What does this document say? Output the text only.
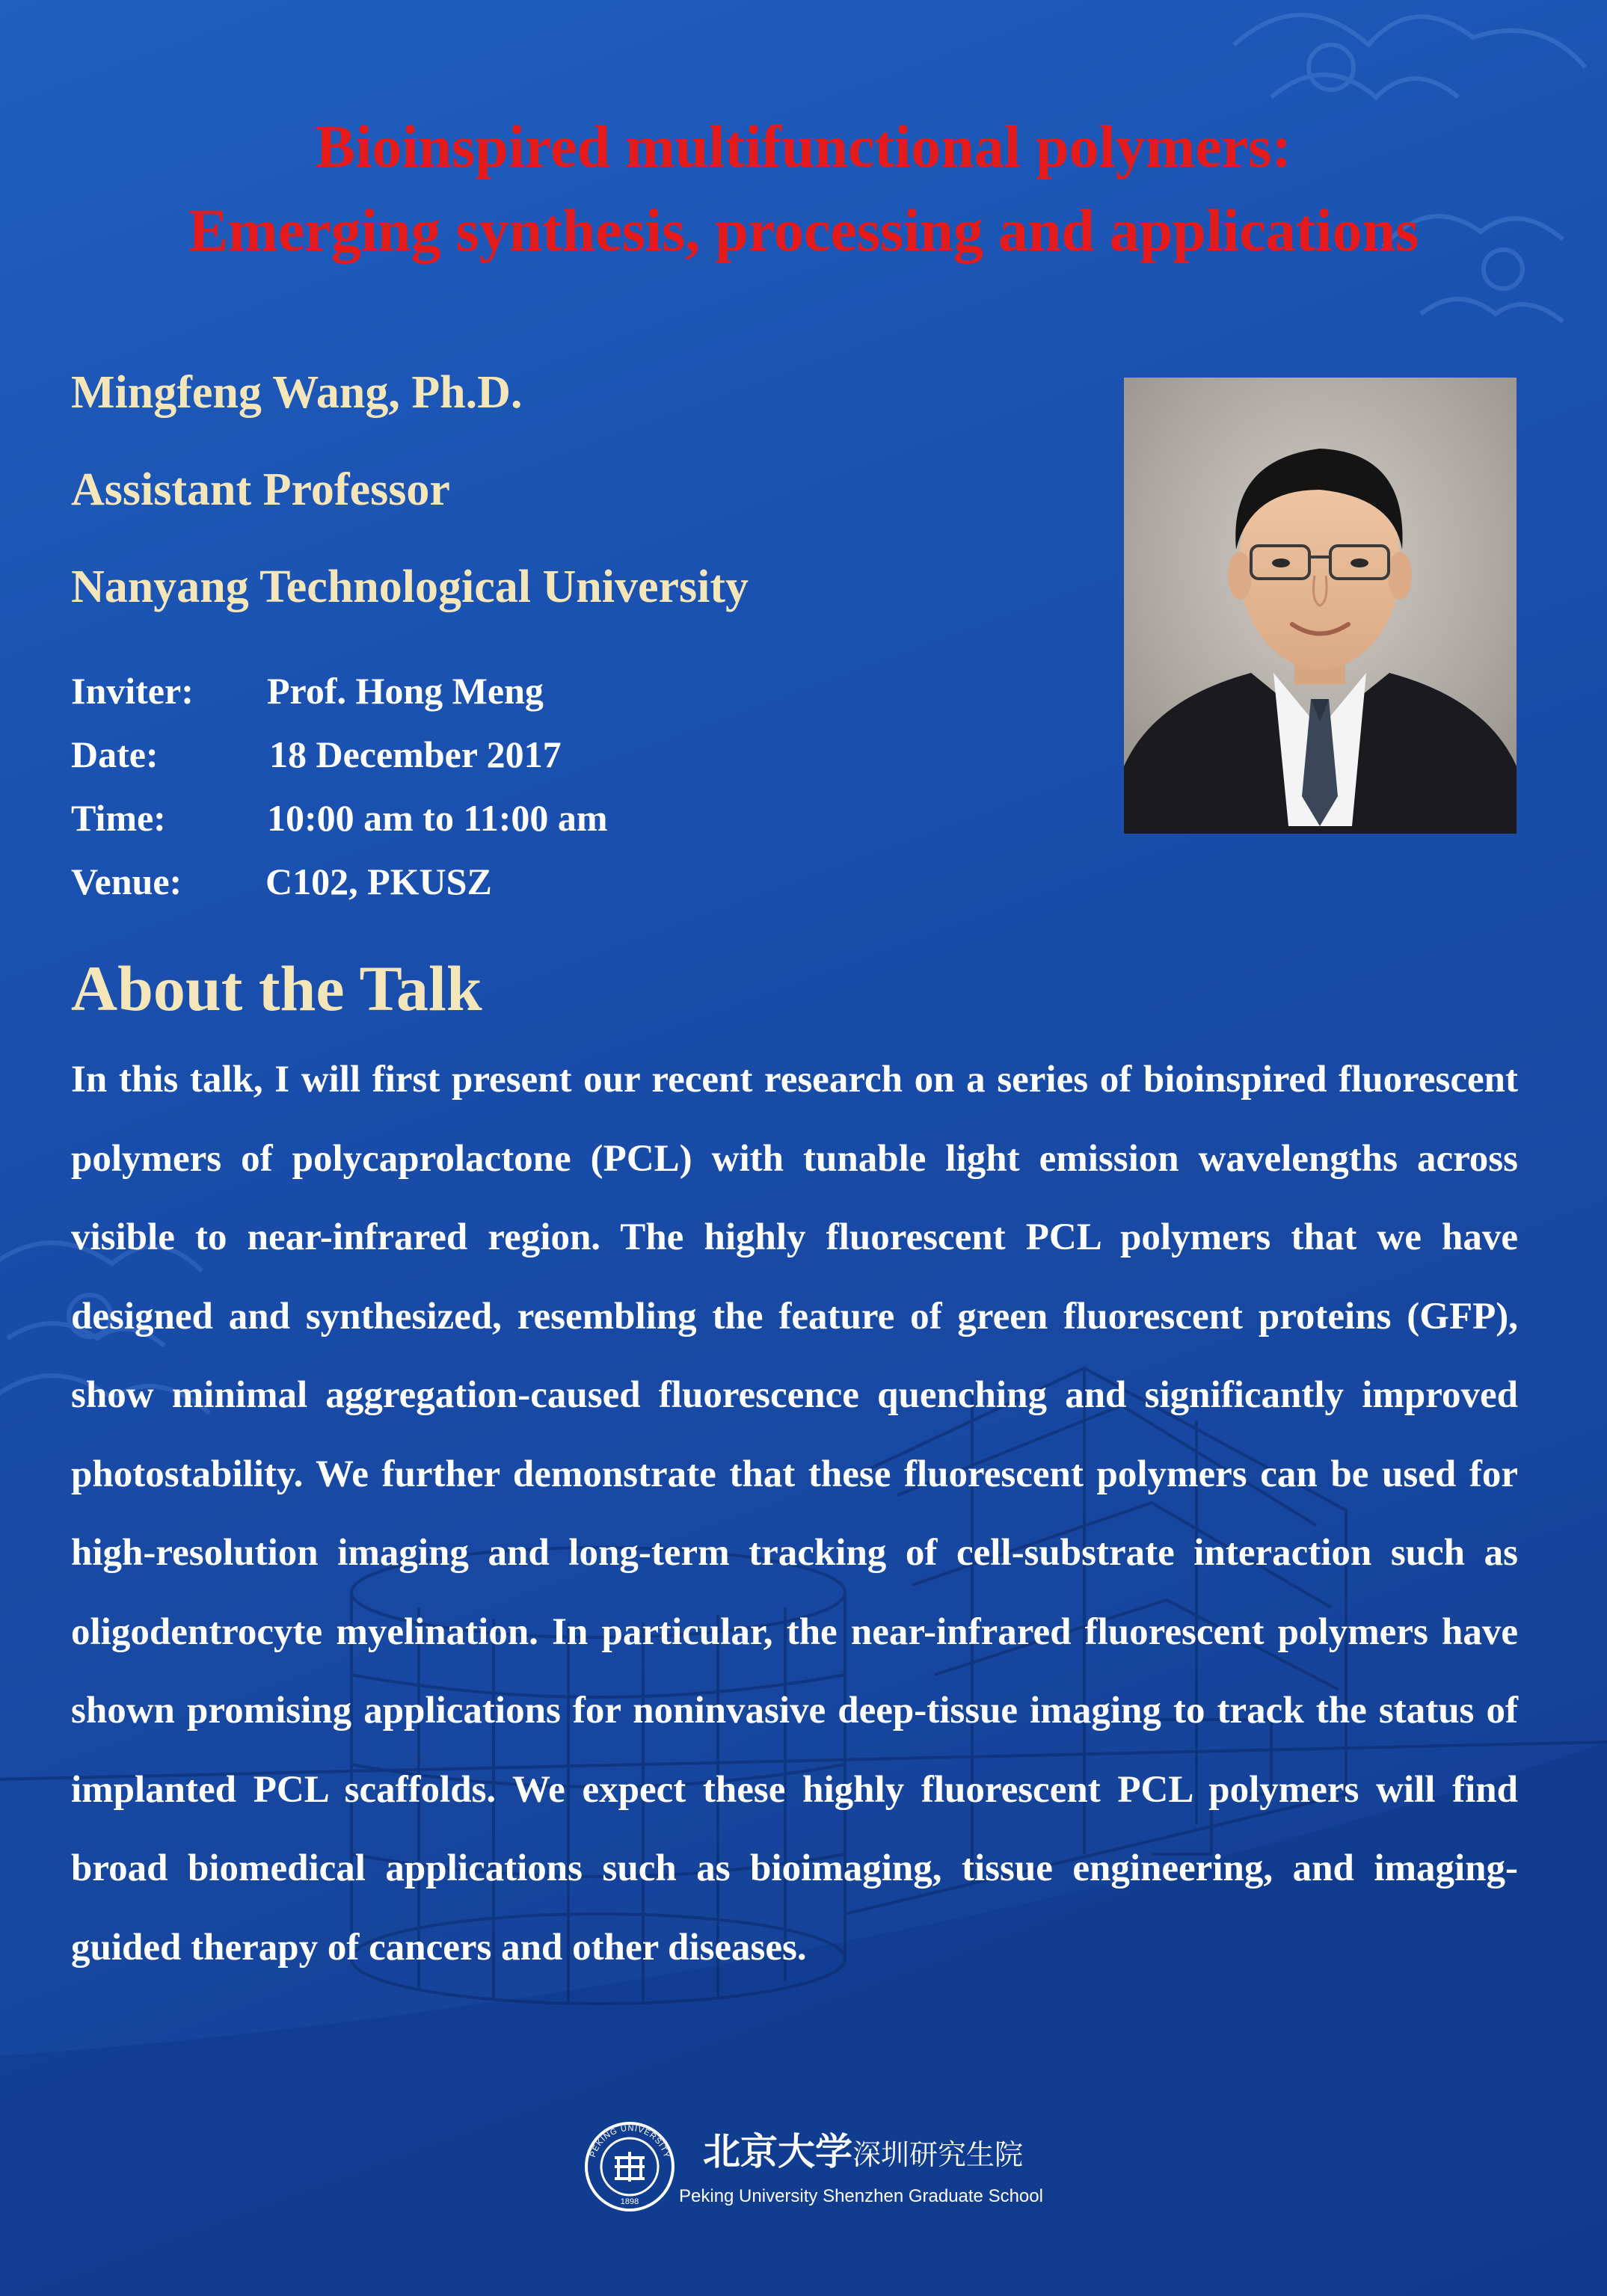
Bioinspired multifunctional polymers:
Emerging synthesis, processing and applications

Mingfeng Wang, Ph.D.

Assistant Professor

Nanyang Technological University

Inviter: Prof. Hong Meng
Date:	18 December 2017
Time:	10:00 am to 11:00 am
Venue: C102, PKUSZ
About the Talk

In this talk, I will first present our recent research on a series of bioinspired fluorescent polymers of polycaprolactone (PCL) with tunable light emission wavelengths across visible to near-infrared region. The highly fluorescent PCL polymers that we have designed and synthesized, resembling the feature of green fluorescent proteins (GFP), show minimal aggregation-caused fluorescence quenching and significantly improved photostability. We further demonstrate that these fluorescent polymers can be used for high-resolution imaging and long-term tracking of cell-substrate interaction such as oligodentrocyte myelination. In particular, the near-infrared fluorescent polymers have shown promising applications for noninvasive deep-tissue imaging to track the status of implanted PCL scaffolds. We expect these highly fluorescent PCL polymers will find broad biomedical applications such as bioimaging, tissue engineering, and imaging-guided therapy of cancers and other diseases.

PEKING UNIVERSITY
1898
北京大学深圳研究生院
Peking University Shenzhen Graduate School
